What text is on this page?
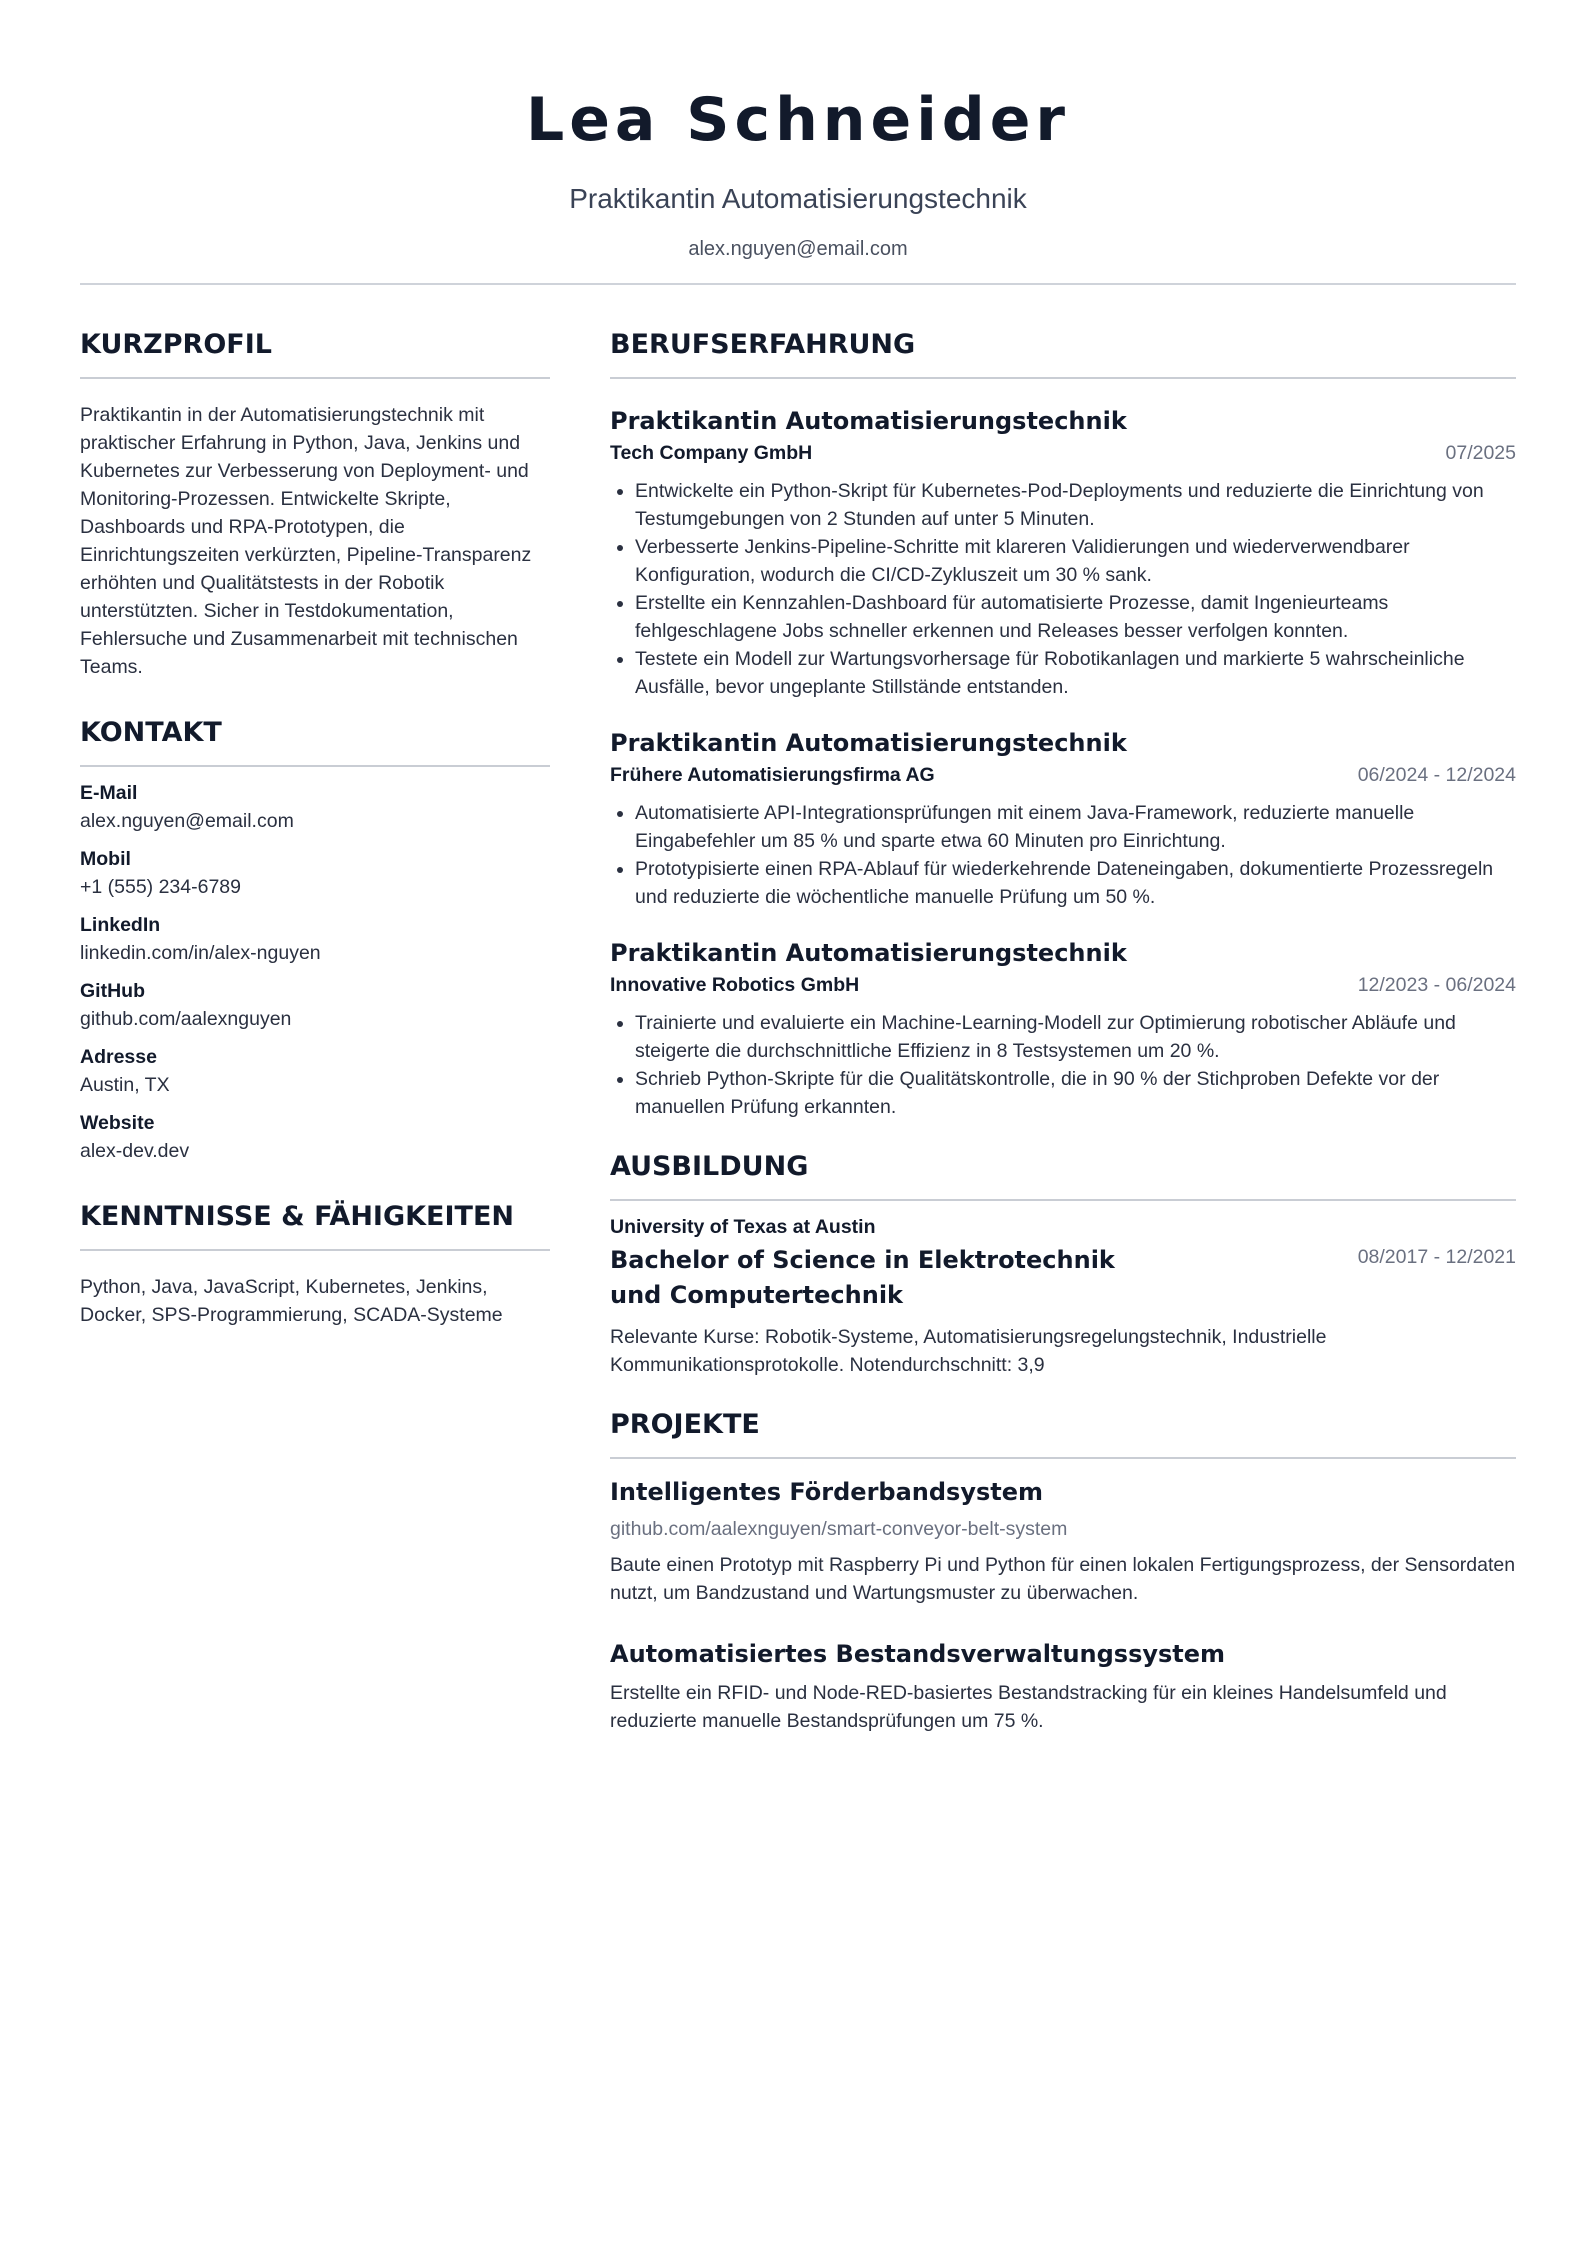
Lea Schneider
Praktikantin Automatisierungstechnik
alex.nguyen@email.com
KURZPROFIL
Praktikantin in der Automatisierungstechnik mit praktischer Erfahrung in Python, Java, Jenkins und Kubernetes zur Verbesserung von Deployment- und Monitoring-Prozessen. Entwickelte Skripte, Dashboards und RPA-Prototypen, die Einrichtungszeiten verkürzten, Pipeline-Transparenz erhöhten und Qualitätstests in der Robotik unterstützten. Sicher in Testdokumentation, Fehlersuche und Zusammenarbeit mit technischen Teams.
KONTAKT
E-Mail
alex.nguyen@email.com
Mobil
+1 (555) 234-6789
LinkedIn
linkedin.com/in/alex-nguyen
GitHub
github.com/aalexnguyen
Adresse
Austin, TX
Website
alex-dev.dev
KENNTNISSE & FÄHIGKEITEN
Python, Java, JavaScript, Kubernetes, Jenkins, Docker, SPS-Programmierung, SCADA-Systeme
BERUFSERFAHRUNG
Praktikantin Automatisierungstechnik
Tech Company GmbH	07/2025
• Entwickelte ein Python-Skript für Kubernetes-Pod-Deployments und reduzierte die Einrichtung von Testumgebungen von 2 Stunden auf unter 5 Minuten.
• Verbesserte Jenkins-Pipeline-Schritte mit klareren Validierungen und wiederverwendbarer Konfiguration, wodurch die CI/CD-Zykluszeit um 30 % sank.
• Erstellte ein Kennzahlen-Dashboard für automatisierte Prozesse, damit Ingenieurteams fehlgeschlagene Jobs schneller erkennen und Releases besser verfolgen konnten.
• Testete ein Modell zur Wartungsvorhersage für Robotikanlagen und markierte 5 wahrscheinliche Ausfälle, bevor ungeplante Stillstände entstanden.
Praktikantin Automatisierungstechnik
Frühere Automatisierungsfirma AG	06/2024 - 12/2024
• Automatisierte API-Integrationsprüfungen mit einem Java-Framework, reduzierte manuelle Eingabefehler um 85 % und sparte etwa 60 Minuten pro Einrichtung.
• Prototypisierte einen RPA-Ablauf für wiederkehrende Dateneingaben, dokumentierte Prozessregeln und reduzierte die wöchentliche manuelle Prüfung um 50 %.
Praktikantin Automatisierungstechnik
Innovative Robotics GmbH	12/2023 - 06/2024
• Trainierte und evaluierte ein Machine-Learning-Modell zur Optimierung robotischer Abläufe und steigerte die durchschnittliche Effizienz in 8 Testsystemen um 20 %.
• Schrieb Python-Skripte für die Qualitätskontrolle, die in 90 % der Stichproben Defekte vor der manuellen Prüfung erkannten.
AUSBILDUNG
University of Texas at Austin
Bachelor of Science in Elektrotechnik und Computertechnik
08/2017 - 12/2021
Relevante Kurse: Robotik-Systeme, Automatisierungsregelungstechnik, Industrielle Kommunikationsprotokolle. Notendurchschnitt: 3,9
PROJEKTE
Intelligentes Förderbandsystem
github.com/aalexnguyen/smart-conveyor-belt-system
Baute einen Prototyp mit Raspberry Pi und Python für einen lokalen Fertigungsprozess, der Sensordaten nutzt, um Bandzustand und Wartungsmuster zu überwachen.
Automatisiertes Bestandsverwaltungssystem
Erstellte ein RFID- und Node-RED-basiertes Bestandstracking für ein kleines Handelsumfeld und reduzierte manuelle Bestandsprüfungen um 75 %.
